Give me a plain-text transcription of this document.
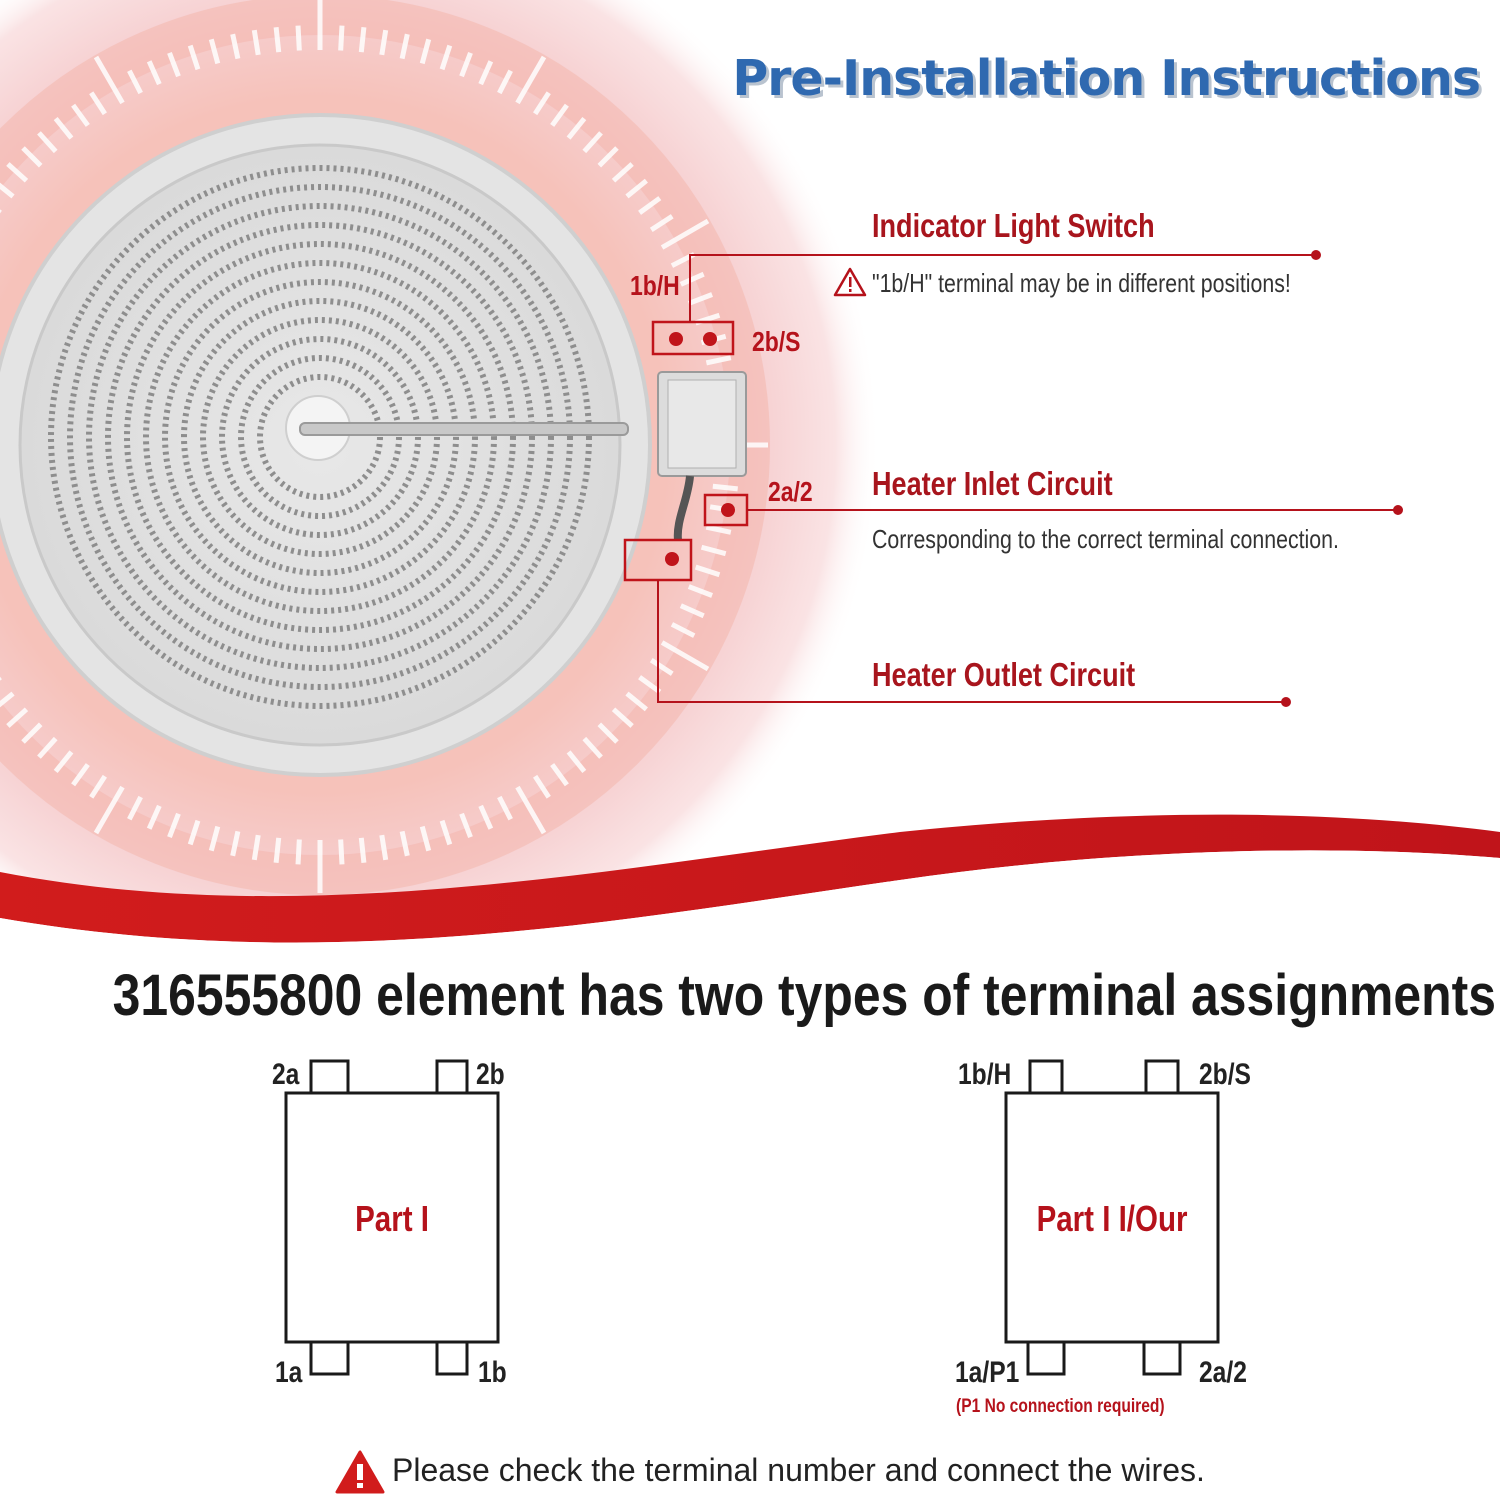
Pre-Installation Instructions
1b/H
2b/S
2a/2
Indicator Light Switch
"1b/H" terminal may be in different positions!
Heater Inlet Circuit
Corresponding to the correct terminal connection.
Heater Outlet Circuit
316555800 element has two types of terminal assignments
2a	2b
1a	1b
Part I
1b/H	2b/S
1a/P1	2a/2
Part I I/Our
(P1 No connection required)
Please check the terminal number and connect the wires.
